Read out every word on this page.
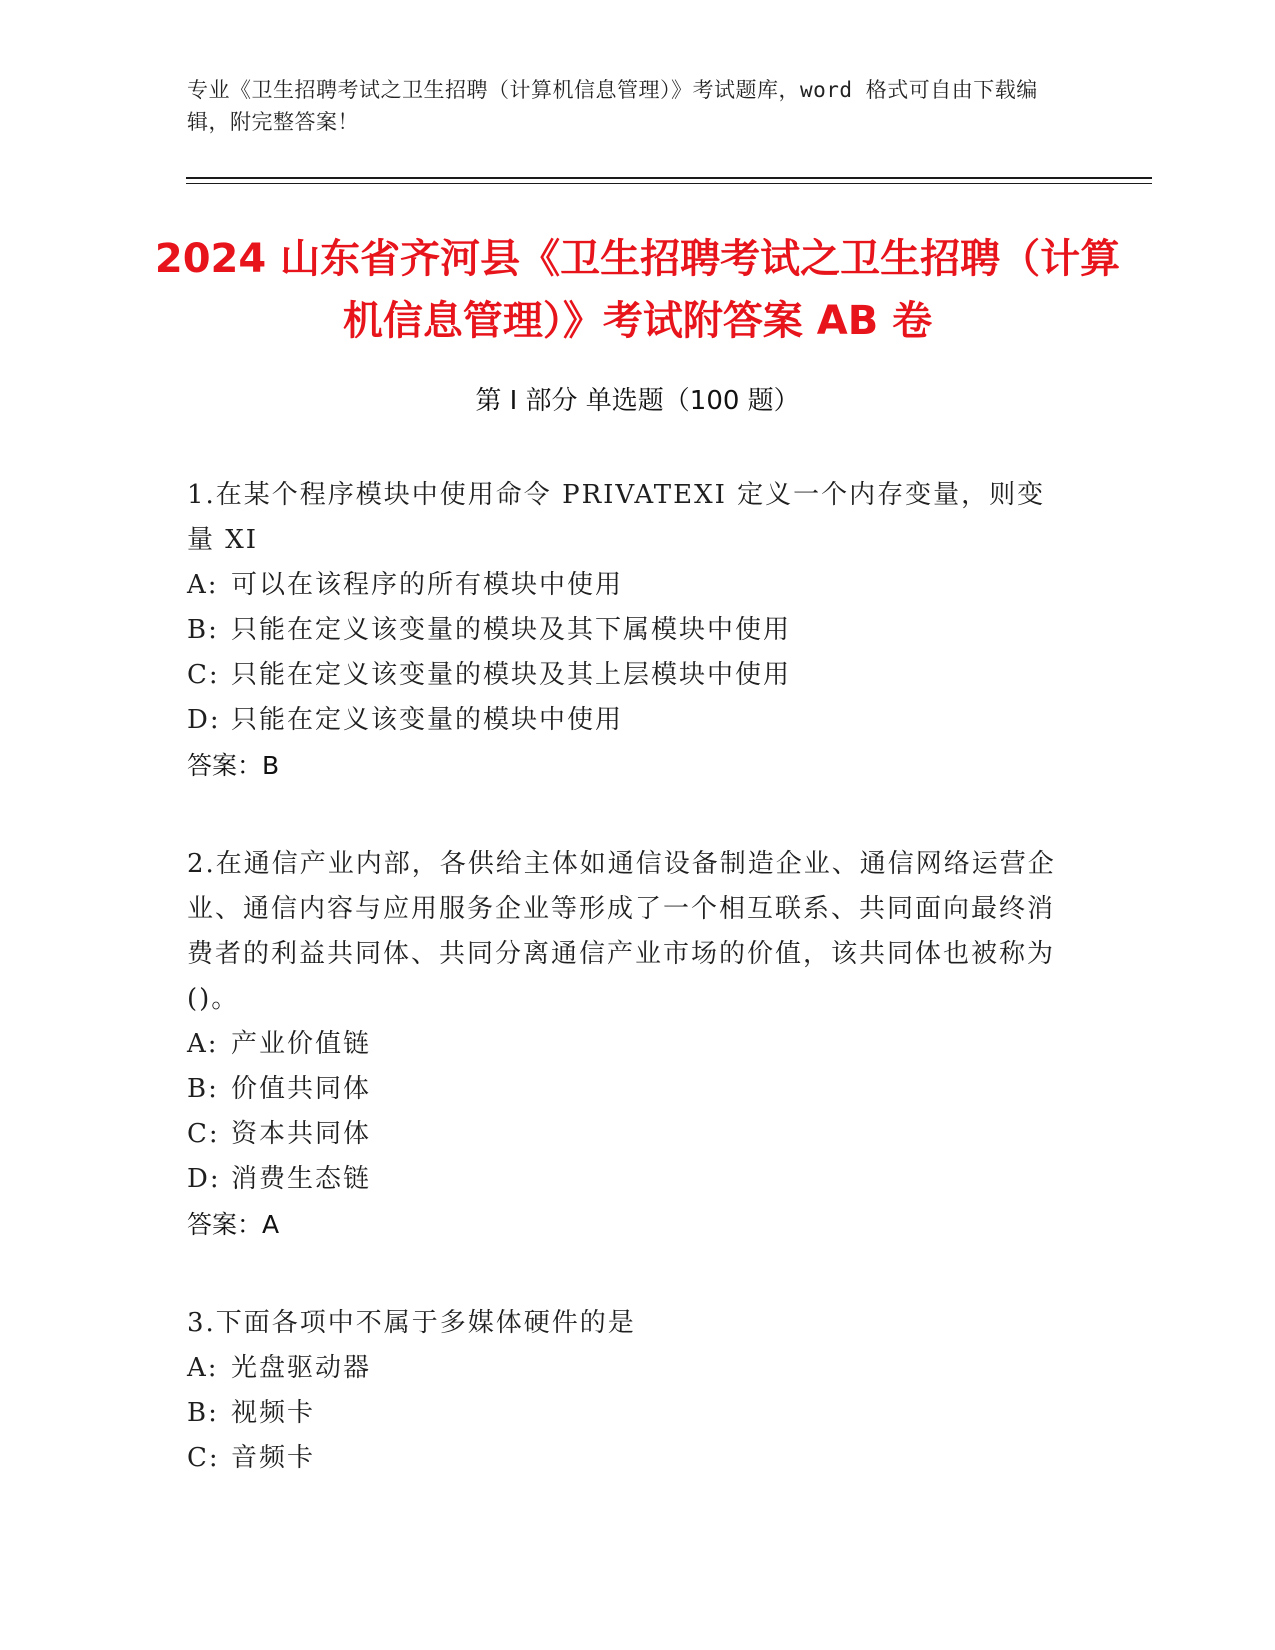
专业《卫生招聘考试之卫生招聘（计算机信息管理）》考试题库，word 格式可自由下载编辑，附完整答案！
2024 山东省齐河县《卫生招聘考试之卫生招聘（计算机信息管理）》考试附答案 AB 卷
第 I 部分 单选题（100 题）
1.在某个程序模块中使用命令 PRIVATEXI 定义一个内存变量，则变量 XI
A: 可以在该程序的所有模块中使用
B: 只能在定义该变量的模块及其下属模块中使用
C: 只能在定义该变量的模块及其上层模块中使用
D: 只能在定义该变量的模块中使用
答案：B
2.在通信产业内部，各供给主体如通信设备制造企业、通信网络运营企业、通信内容与应用服务企业等形成了一个相互联系、共同面向最终消费者的利益共同体、共同分离通信产业市场的价值，该共同体也被称为()。
A: 产业价值链
B: 价值共同体
C: 资本共同体
D: 消费生态链
答案：A
3.下面各项中不属于多媒体硬件的是
A: 光盘驱动器
B: 视频卡
C: 音频卡
